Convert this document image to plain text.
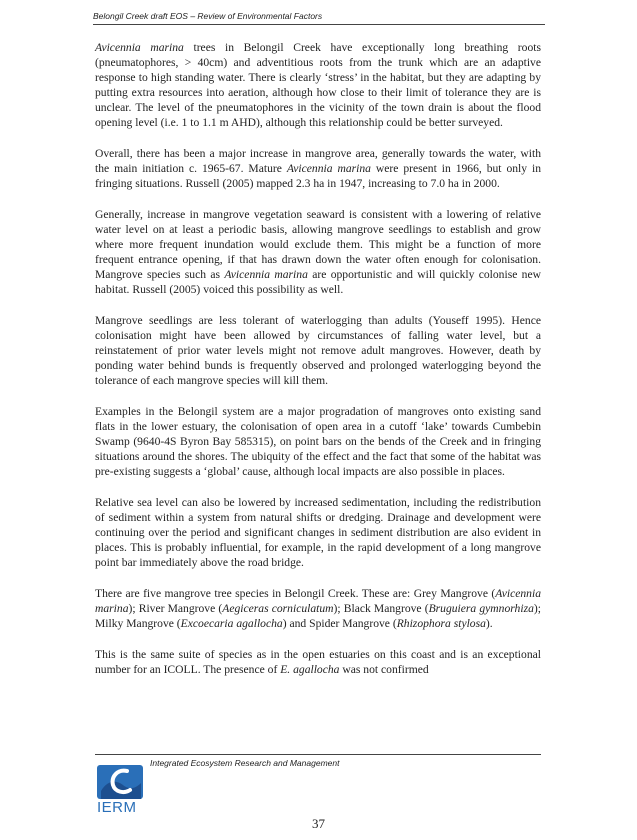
Belongil Creek draft EOS – Review of Environmental Factors

Avicennia marina trees in Belongil Creek have exceptionally long breathing roots (pneumatophores, > 40cm) and adventitious roots from the trunk which are an adaptive response to high standing water. There is clearly ‘stress’ in the habitat, but they are adapting by putting extra resources into aeration, although how close to their limit of tolerance they are is unclear. The level of the pneumatophores in the vicinity of the town drain is about the flood opening level (i.e. 1 to 1.1 m AHD), although this relationship could be better surveyed.

Overall, there has been a major increase in mangrove area, generally towards the water, with the main initiation c. 1965-67. Mature Avicennia marina were present in 1966, but only in fringing situations. Russell (2005) mapped 2.3 ha in 1947, increasing to 7.0 ha in 2000.

Generally, increase in mangrove vegetation seaward is consistent with a lowering of relative water level on at least a periodic basis, allowing mangrove seedlings to establish and grow where more frequent inundation would exclude them. This might be a function of more frequent entrance opening, if that has drawn down the water often enough for colonisation. Mangrove species such as Avicennia marina are opportunistic and will quickly colonise new habitat. Russell (2005) voiced this possibility as well.

Mangrove seedlings are less tolerant of waterlogging than adults (Youseff 1995). Hence colonisation might have been allowed by circumstances of falling water level, but a reinstatement of prior water levels might not remove adult mangroves. However, death by ponding water behind bunds is frequently observed and prolonged waterlogging beyond the tolerance of each mangrove species will kill them.

Examples in the Belongil system are a major progradation of mangroves onto existing sand flats in the lower estuary, the colonisation of open area in a cutoff ‘lake’ towards Cumbebin Swamp (9640-4S Byron Bay 585315), on point bars on the bends of the Creek and in fringing situations around the shores. The ubiquity of the effect and the fact that some of the habitat was pre-existing suggests a ‘global’ cause, although local impacts are also possible in places.

Relative sea level can also be lowered by increased sedimentation, including the redistribution of sediment within a system from natural shifts or dredging. Drainage and development were continuing over the period and significant changes in sediment distribution are also evident in places. This is probably influential, for example, in the rapid development of a long mangrove point bar immediately above the road bridge.

There are five mangrove tree species in Belongil Creek. These are: Grey Mangrove (Avicennia marina); River Mangrove (Aegiceras corniculatum); Black Mangrove (Bruguiera gymnorhiza); Milky Mangrove (Excoecaria agallocha) and Spider Mangrove (Rhizophora stylosa).

This is the same suite of species as in the open estuaries on this coast and is an exceptional number for an ICOLL. The presence of E. agallocha was not confirmed

Integrated Ecosystem Research and Management
IERM
37
